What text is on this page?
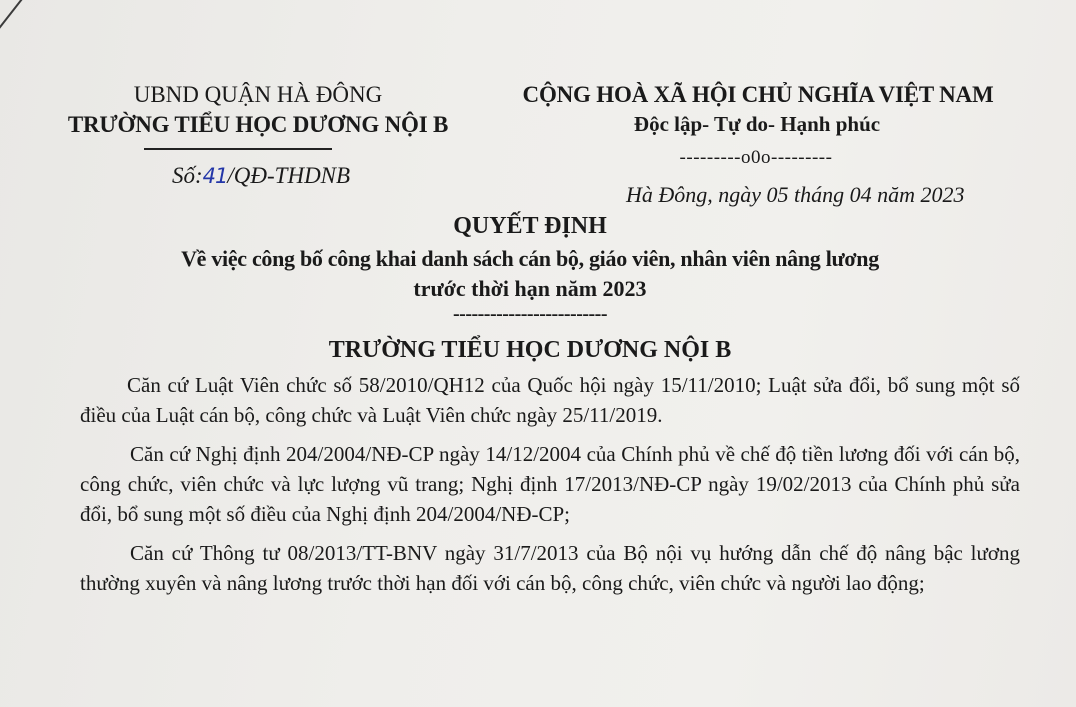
UBND QUẬN HÀ ĐÔNG
TRƯỜNG TIỂU HỌC DƯƠNG NỘI B
Số:41/QĐ-THDNB
CỘNG HOÀ XÃ HỘI CHỦ NGHĨA VIỆT NAM
Độc lập- Tự do- Hạnh phúc
---------o0o---------
Hà Đông, ngày 05 tháng 04 năm 2023
QUYẾT ĐỊNH
Về việc công bố công khai danh sách cán bộ, giáo viên, nhân viên nâng lương
trước thời hạn năm 2023
-------------------------
TRƯỜNG TIỂU HỌC DƯƠNG NỘI B

Căn cứ Luật Viên chức số 58/2010/QH12 của Quốc hội ngày 15/11/2010; Luật sửa đổi, bổ sung một số điều của Luật cán bộ, công chức và Luật Viên chức ngày 25/11/2019.

Căn cứ Nghị định 204/2004/NĐ-CP ngày 14/12/2004 của Chính phủ về chế độ tiền lương đối với cán bộ, công chức, viên chức và lực lượng vũ trang; Nghị định 17/2013/NĐ-CP ngày 19/02/2013 của Chính phủ sửa đổi, bổ sung một số điều của Nghị định 204/2004/NĐ-CP;

Căn cứ Thông tư 08/2013/TT-BNV ngày 31/7/2013 của Bộ nội vụ hướng dẫn chế độ nâng bậc lương thường xuyên và nâng lương trước thời hạn đối với cán bộ, công chức, viên chức và người lao động;
